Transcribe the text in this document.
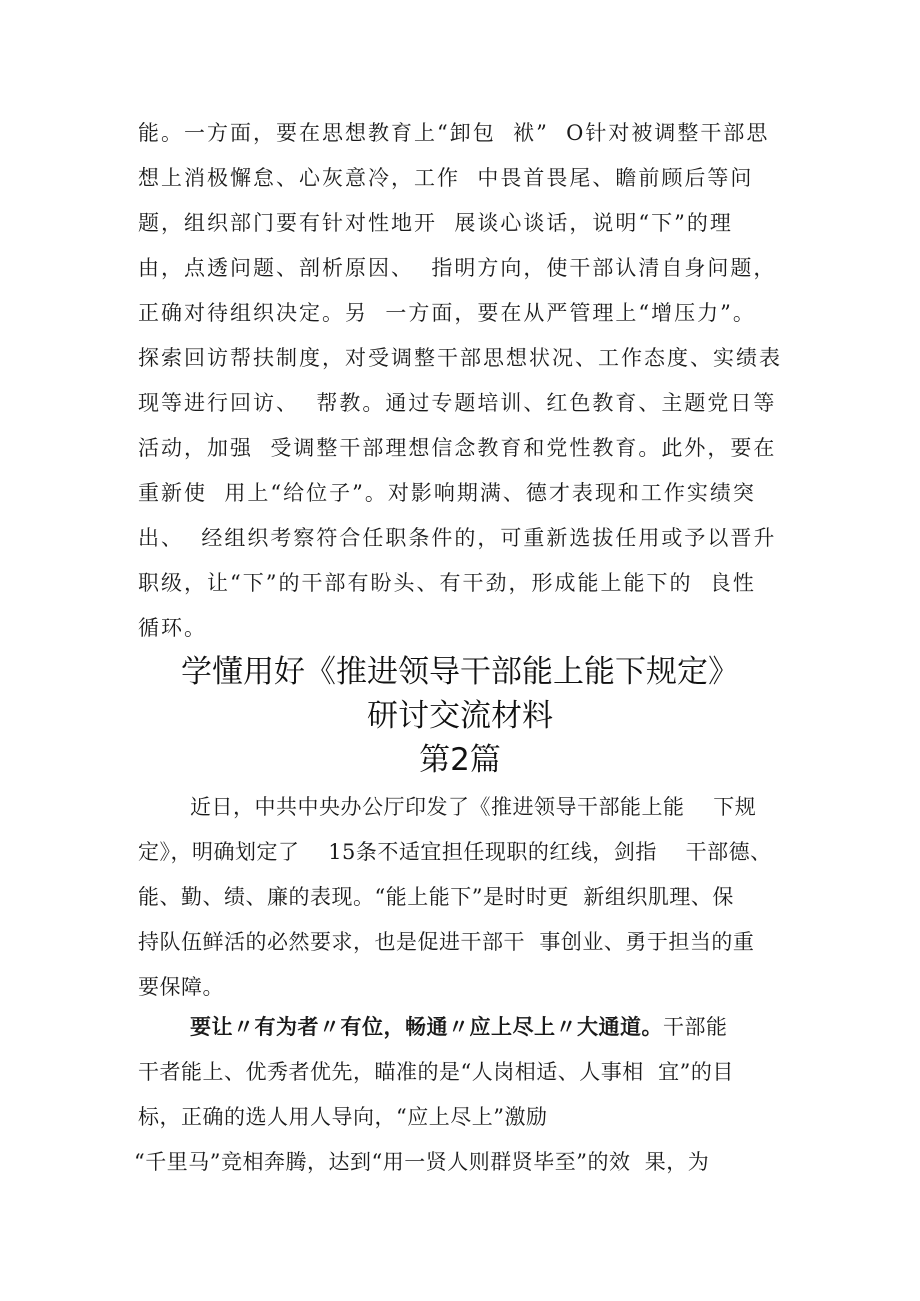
能。一方面，要在思想教育上“卸包  袱”  O针对被调整干部思
想上消极懈怠、心灰意冷，工作  中畏首畏尾、瞻前顾后等问
题，组织部门要有针对性地开  展谈心谈话，说明“下”的理
由，点透问题、剖析原因、  指明方向，使干部认清自身问题，
正确对待组织决定。另  一方面，要在从严管理上“增压力”。
探索回访帮扶制度，对受调整干部思想状况、工作态度、实绩表
现等进行回访、  帮教。通过专题培训、红色教育、主题党日等
活动，加强  受调整干部理想信念教育和党性教育。此外，要在
重新使  用上“给位子”。对影响期满、德才表现和工作实绩突
出、  经组织考察符合任职条件的，可重新选拔任用或予以晋升
职级，让“下”的干部有盼头、有干劲，形成能上能下的  良性
循环。
学懂用好《推进领导干部能上能下规定》
研讨交流材料
第2篇
近日，中共中央办公厅印发了《推进领导干部能上能    下规
定》，明确划定了    15条不适宜担任现职的红线，剑指    干部德、
能、勤、绩、廉的表现。“能上能下”是时时更  新组织肌理、保
持队伍鲜活的必然要求，也是促进干部干  事创业、勇于担当的重
要保障。
要让〃有为者〃有位，畅通〃应上尽上〃大通道。干部能
干者能上、优秀者优先，瞄准的是“人岗相适、人事相  宜”的目
标，正确的选人用人导向，“应上尽上”激励
“千里马”竞相奔腾，达到“用一贤人则群贤毕至”的效  果，为
